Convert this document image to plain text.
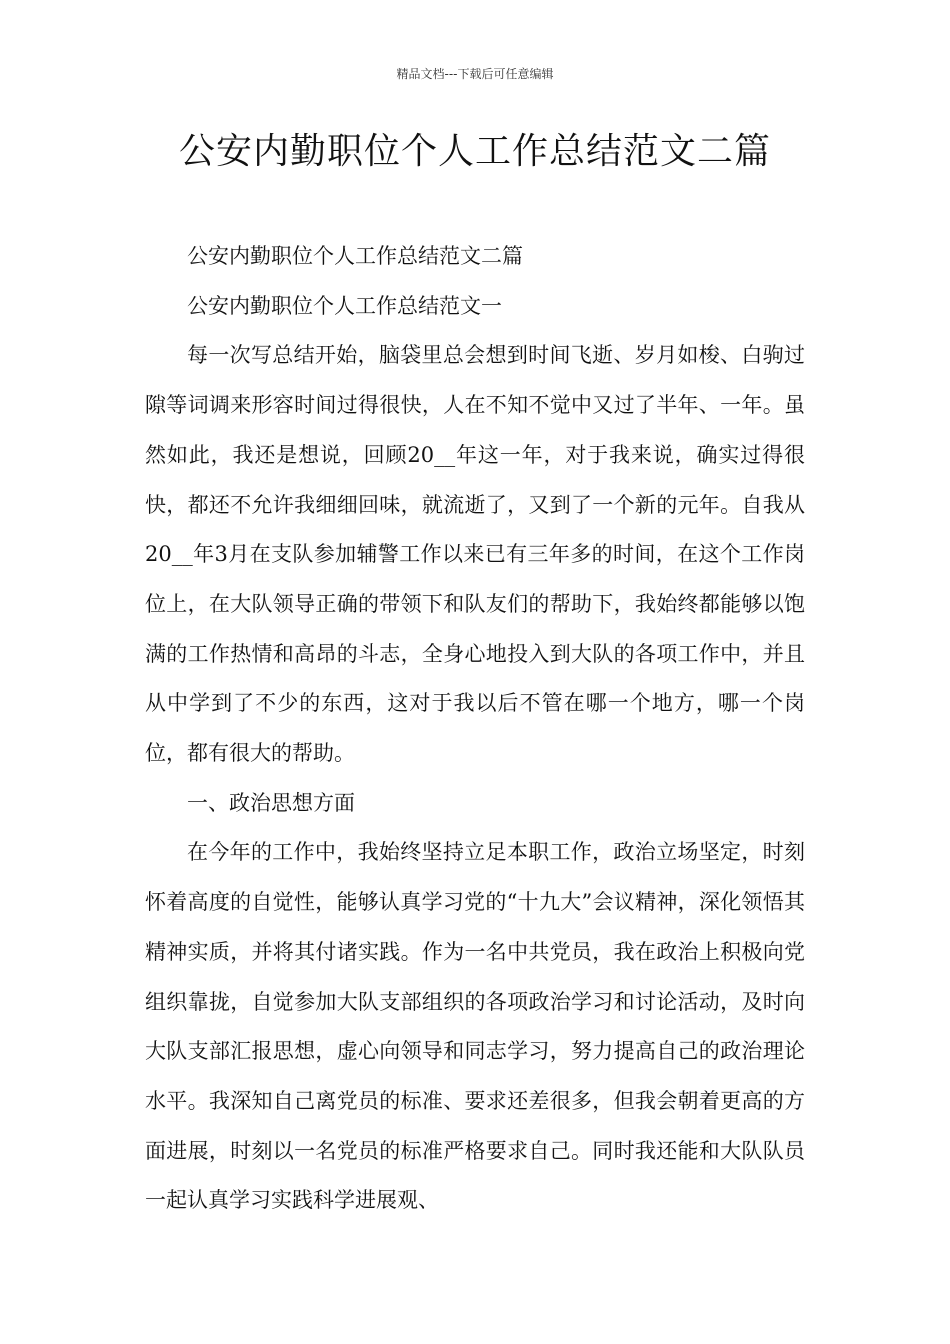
精品文档---下载后可任意编辑
公安内勤职位个人工作总结范文二篇

公安内勤职位个人工作总结范文二篇

公安内勤职位个人工作总结范文一

每一次写总结开始，脑袋里总会想到时间飞逝、岁月如梭、白驹过隙等词调来形容时间过得很快，人在不知不觉中又过了半年、一年。虽然如此，我还是想说，回顾20__年这一年，对于我来说，确实过得很快，都还不允许我细细回味，就流逝了，又到了一个新的元年。自我从20__年3月在支队参加辅警工作以来已有三年多的时间，在这个工作岗位上，在大队领导正确的带领下和队友们的帮助下，我始终都能够以饱满的工作热情和高昂的斗志，全身心地投入到大队的各项工作中，并且从中学到了不少的东西，这对于我以后不管在哪一个地方，哪一个岗位，都有很大的帮助。

一、政治思想方面

在今年的工作中，我始终坚持立足本职工作，政治立场坚定，时刻怀着高度的自觉性，能够认真学习党的“十九大”会议精神，深化领悟其精神实质，并将其付诸实践。作为一名中共党员，我在政治上积极向党组织靠拢，自觉参加大队支部组织的各项政治学习和讨论活动，及时向大队支部汇报思想，虚心向领导和同志学习，努力提高自己的政治理论水平。我深知自己离党员的标准、要求还差很多，但我会朝着更高的方面进展，时刻以一名党员的标准严格要求自己。同时我还能和大队队员一起认真学习实践科学进展观、
